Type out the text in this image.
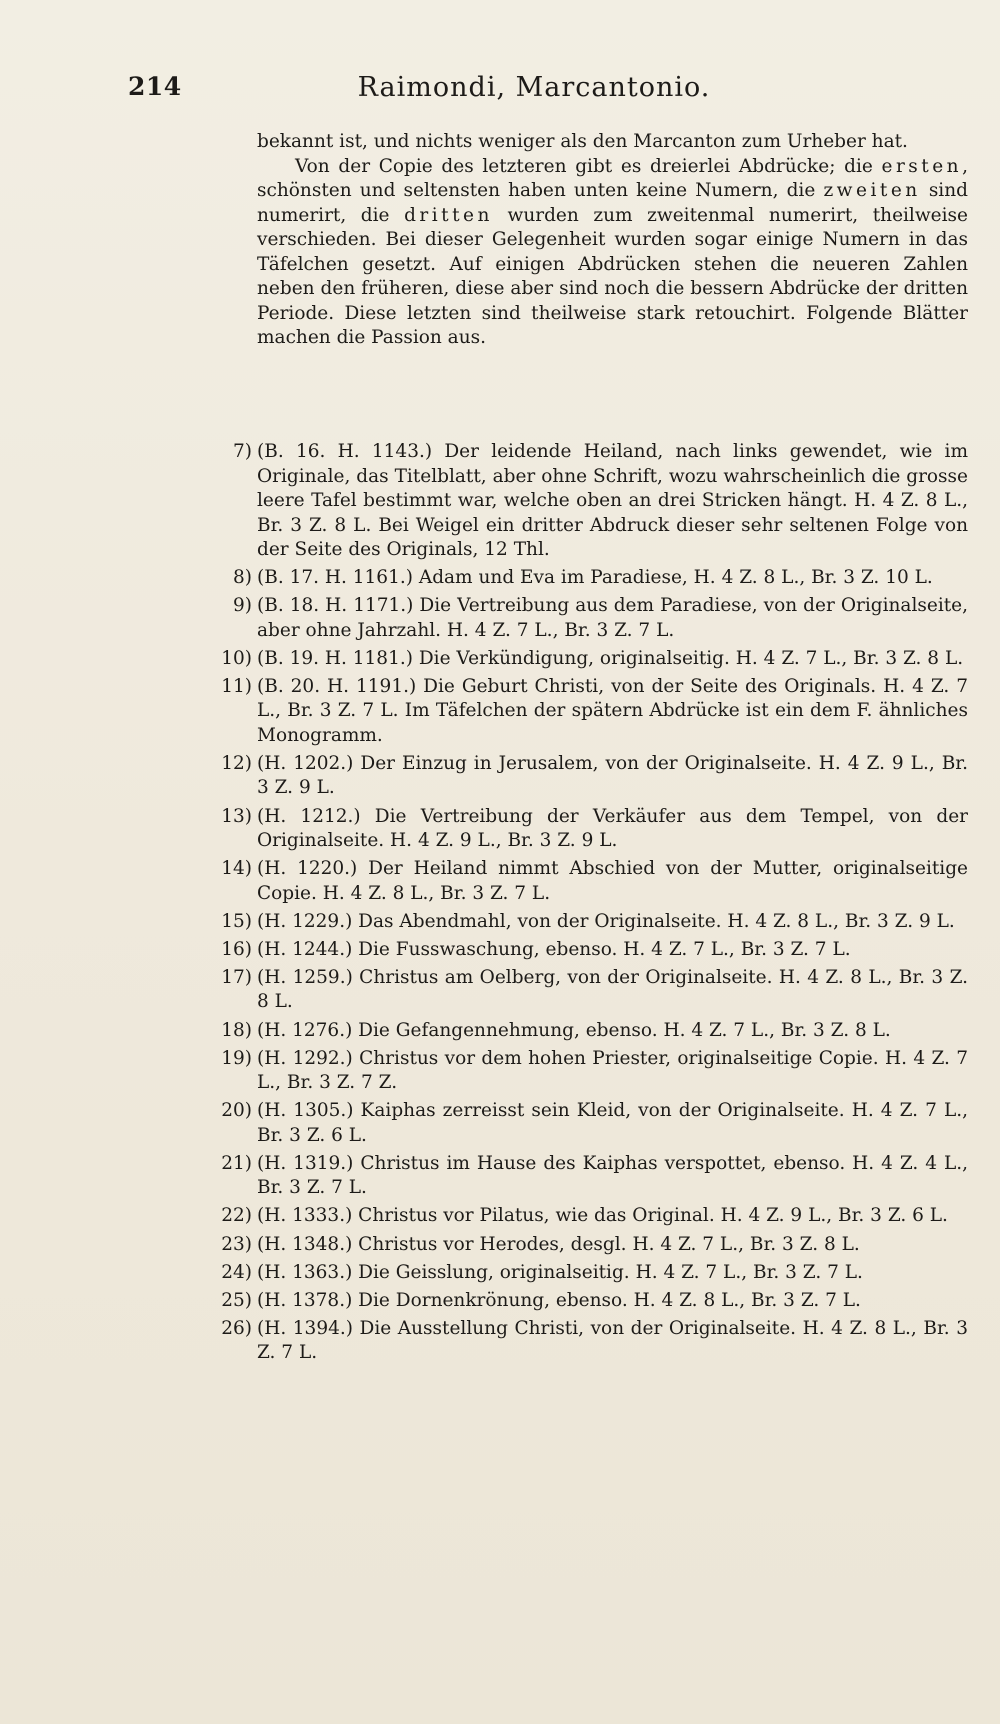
214	Raimondi, Marcantonio.

bekannt ist, und nichts weniger als den Marcanton zum Urheber hat.

Von der Copie des letzteren gibt es dreierlei Abdrücke; die ersten, schönsten und seltensten haben unten keine Numern, die zweiten sind numerirt, die dritten wurden zum zweitenmal numerirt, theilweise verschieden. Bei dieser Gelegenheit wurden sogar einige Numern in das Täfelchen gesetzt. Auf einigen Abdrücken stehen die neueren Zahlen neben den früheren, diese aber sind noch die bessern Abdrücke der dritten Periode. Diese letzten sind theilweise stark retouchirt. Folgende Blätter machen die Passion aus.

7) (B. 16. H. 1143.) Der leidende Heiland, nach links gewendet, wie im Originale, das Titelblatt, aber ohne Schrift, wozu wahrscheinlich die grosse leere Tafel bestimmt war, welche oben an drei Stricken hängt. H. 4 Z. 8 L., Br. 3 Z. 8 L. Bei Weigel ein dritter Abdruck dieser sehr seltenen Folge von der Seite des Originals, 12 Thl.
8) (B. 17. H. 1161.) Adam und Eva im Paradiese, H. 4 Z. 8 L., Br. 3 Z. 10 L.
9) (B. 18. H. 1171.) Die Vertreibung aus dem Paradiese, von der Originalseite, aber ohne Jahrzahl. H. 4 Z. 7 L., Br. 3 Z. 7 L.
10) (B. 19. H. 1181.) Die Verkündigung, originalseitig. H. 4 Z. 7 L., Br. 3 Z. 8 L.
11) (B. 20. H. 1191.) Die Geburt Christi, von der Seite des Originals. H. 4 Z. 7 L., Br. 3 Z. 7 L. Im Täfelchen der spätern Abdrücke ist ein dem F. ähnliches Monogramm.
12) (H. 1202.) Der Einzug in Jerusalem, von der Originalseite. H. 4 Z. 9 L., Br. 3 Z. 9 L.
13) (H. 1212.) Die Vertreibung der Verkäufer aus dem Tempel, von der Originalseite. H. 4 Z. 9 L., Br. 3 Z. 9 L.
14) (H. 1220.) Der Heiland nimmt Abschied von der Mutter, originalseitige Copie. H. 4 Z. 8 L., Br. 3 Z. 7 L.
15) (H. 1229.) Das Abendmahl, von der Originalseite. H. 4 Z. 8 L., Br. 3 Z. 9 L.
16) (H. 1244.) Die Fusswaschung, ebenso. H. 4 Z. 7 L., Br. 3 Z. 7 L.
17) (H. 1259.) Christus am Oelberg, von der Originalseite. H. 4 Z. 8 L., Br. 3 Z. 8 L.
18) (H. 1276.) Die Gefangennehmung, ebenso. H. 4 Z. 7 L., Br. 3 Z. 8 L.
19) (H. 1292.) Christus vor dem hohen Priester, originalseitige Copie. H. 4 Z. 7 L., Br. 3 Z. 7 Z.
20) (H. 1305.) Kaiphas zerreisst sein Kleid, von der Originalseite. H. 4 Z. 7 L., Br. 3 Z. 6 L.
21) (H. 1319.) Christus im Hause des Kaiphas verspottet, ebenso. H. 4 Z. 4 L., Br. 3 Z. 7 L.
22) (H. 1333.) Christus vor Pilatus, wie das Original. H. 4 Z. 9 L., Br. 3 Z. 6 L.
23) (H. 1348.) Christus vor Herodes, desgl. H. 4 Z. 7 L., Br. 3 Z. 8 L.
24) (H. 1363.) Die Geisslung, originalseitig. H. 4 Z. 7 L., Br. 3 Z. 7 L.
25) (H. 1378.) Die Dornenkrönung, ebenso. H. 4 Z. 8 L., Br. 3 Z. 7 L.
26) (H. 1394.) Die Ausstellung Christi, von der Originalseite. H. 4 Z. 8 L., Br. 3 Z. 7 L.
